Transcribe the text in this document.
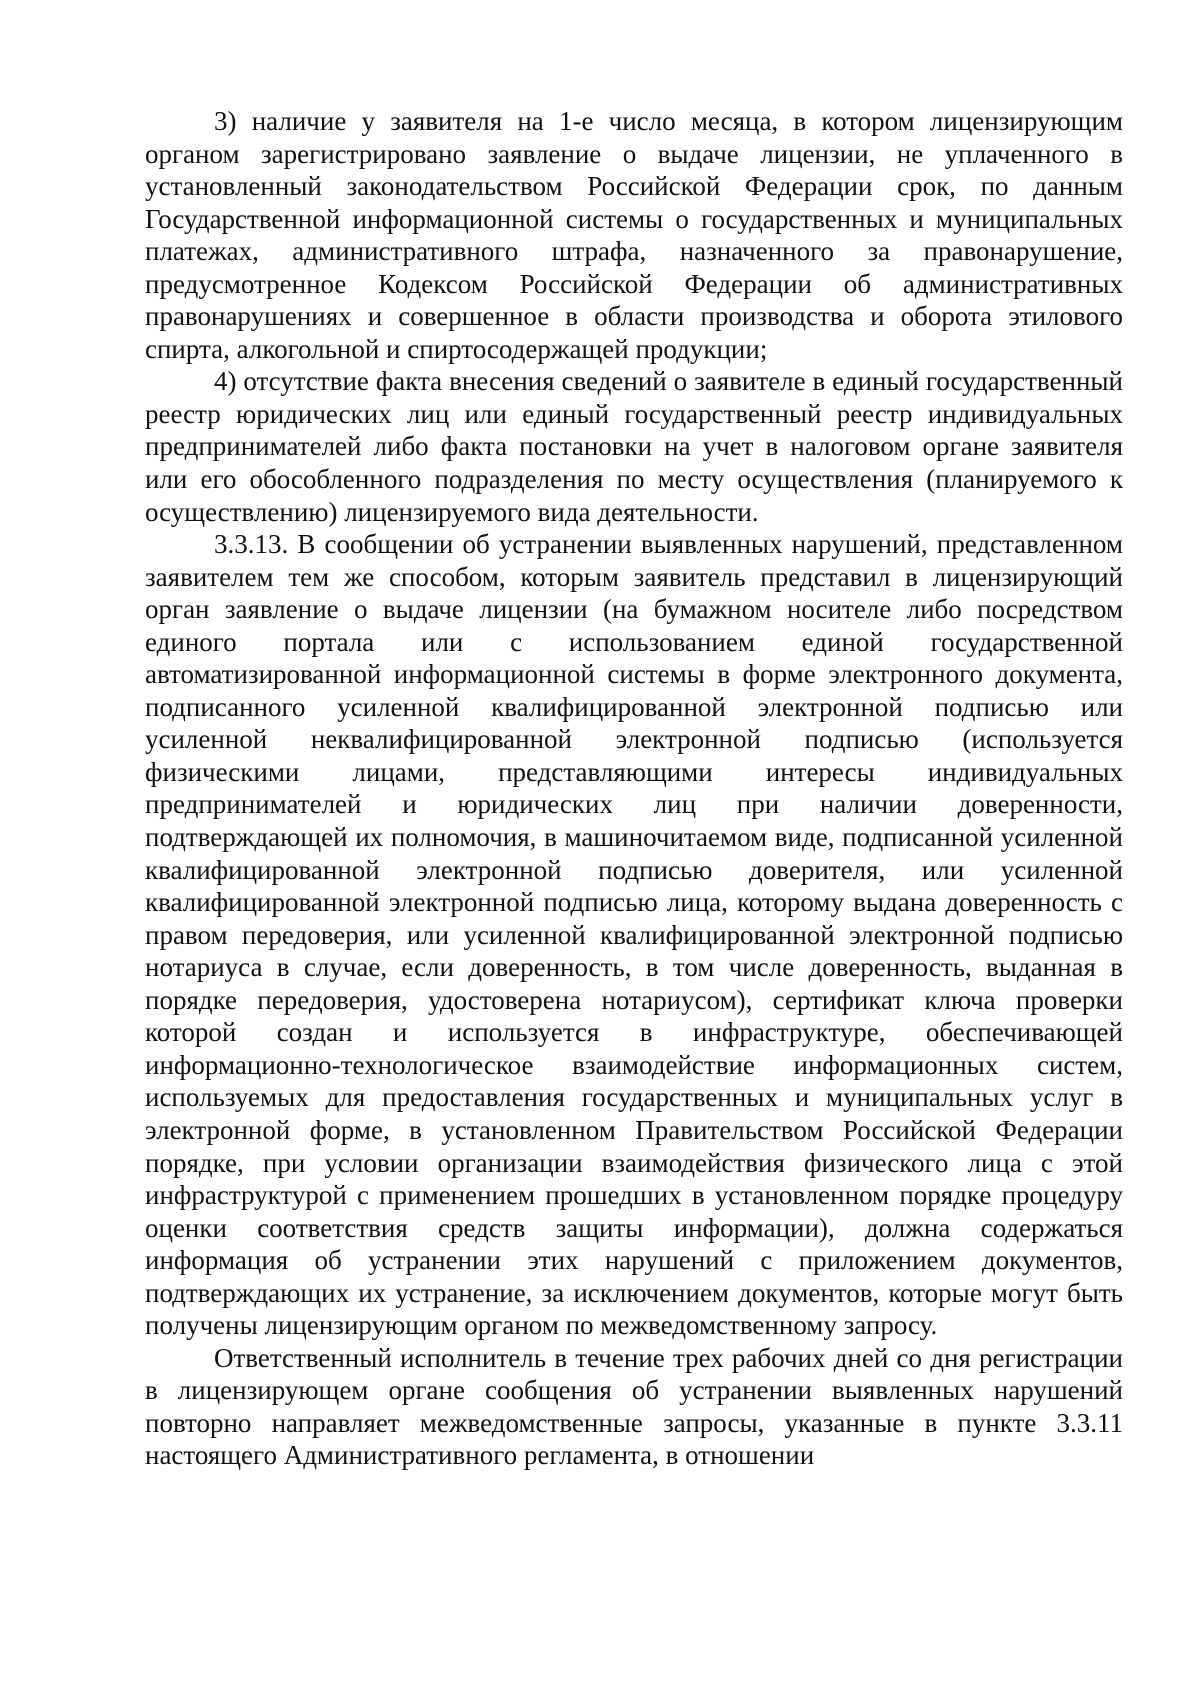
3) наличие у заявителя на 1-е число месяца, в котором лицензирующим органом зарегистрировано заявление о выдаче лицензии, не уплаченного в установленный законодательством Российской Федерации срок, по данным Государственной информационной системы о государственных и муниципальных платежах, административного штрафа, назначенного за правонарушение, предусмотренное Кодексом Российской Федерации об административных правонарушениях и совершенное в области производства и оборота этилового спирта, алкогольной и спиртосодержащей продукции;

4) отсутствие факта внесения сведений о заявителе в единый государственный реестр юридических лиц или единый государственный реестр индивидуальных предпринимателей либо факта постановки на учет в налоговом органе заявителя или его обособленного подразделения по месту осуществления (планируемого к осуществлению) лицензируемого вида деятельности.

3.3.13. В сообщении об устранении выявленных нарушений, представленном заявителем тем же способом, которым заявитель представил в лицензирующий орган заявление о выдаче лицензии (на бумажном носителе либо посредством единого портала или с использованием единой государственной автоматизированной информационной системы в форме электронного документа, подписанного усиленной квалифицированной электронной подписью или усиленной неквалифицированной электронной подписью (используется физическими лицами, представляющими интересы индивидуальных предпринимателей и юридических лиц при наличии доверенности, подтверждающей их полномочия, в машиночитаемом виде, подписанной усиленной квалифицированной электронной подписью доверителя, или усиленной квалифицированной электронной подписью лица, которому выдана доверенность с правом передоверия, или усиленной квалифицированной электронной подписью нотариуса в случае, если доверенность, в том числе доверенность, выданная в порядке передоверия, удостоверена нотариусом), сертификат ключа проверки которой создан и используется в инфраструктуре, обеспечивающей информационно-технологическое взаимодействие информационных систем, используемых для предоставления государственных и муниципальных услуг в электронной форме, в установленном Правительством Российской Федерации порядке, при условии организации взаимодействия физического лица с этой инфраструктурой с применением прошедших в установленном порядке процедуру оценки соответствия средств защиты информации), должна содержаться информация об устранении этих нарушений с приложением документов, подтверждающих их устранение, за исключением документов, которые могут быть получены лицензирующим органом по межведомственному запросу.

Ответственный исполнитель в течение трех рабочих дней со дня регистрации в лицензирующем органе сообщения об устранении выявленных нарушений повторно направляет межведомственные запросы, указанные в пункте 3.3.11 настоящего Административного регламента, в отношении
